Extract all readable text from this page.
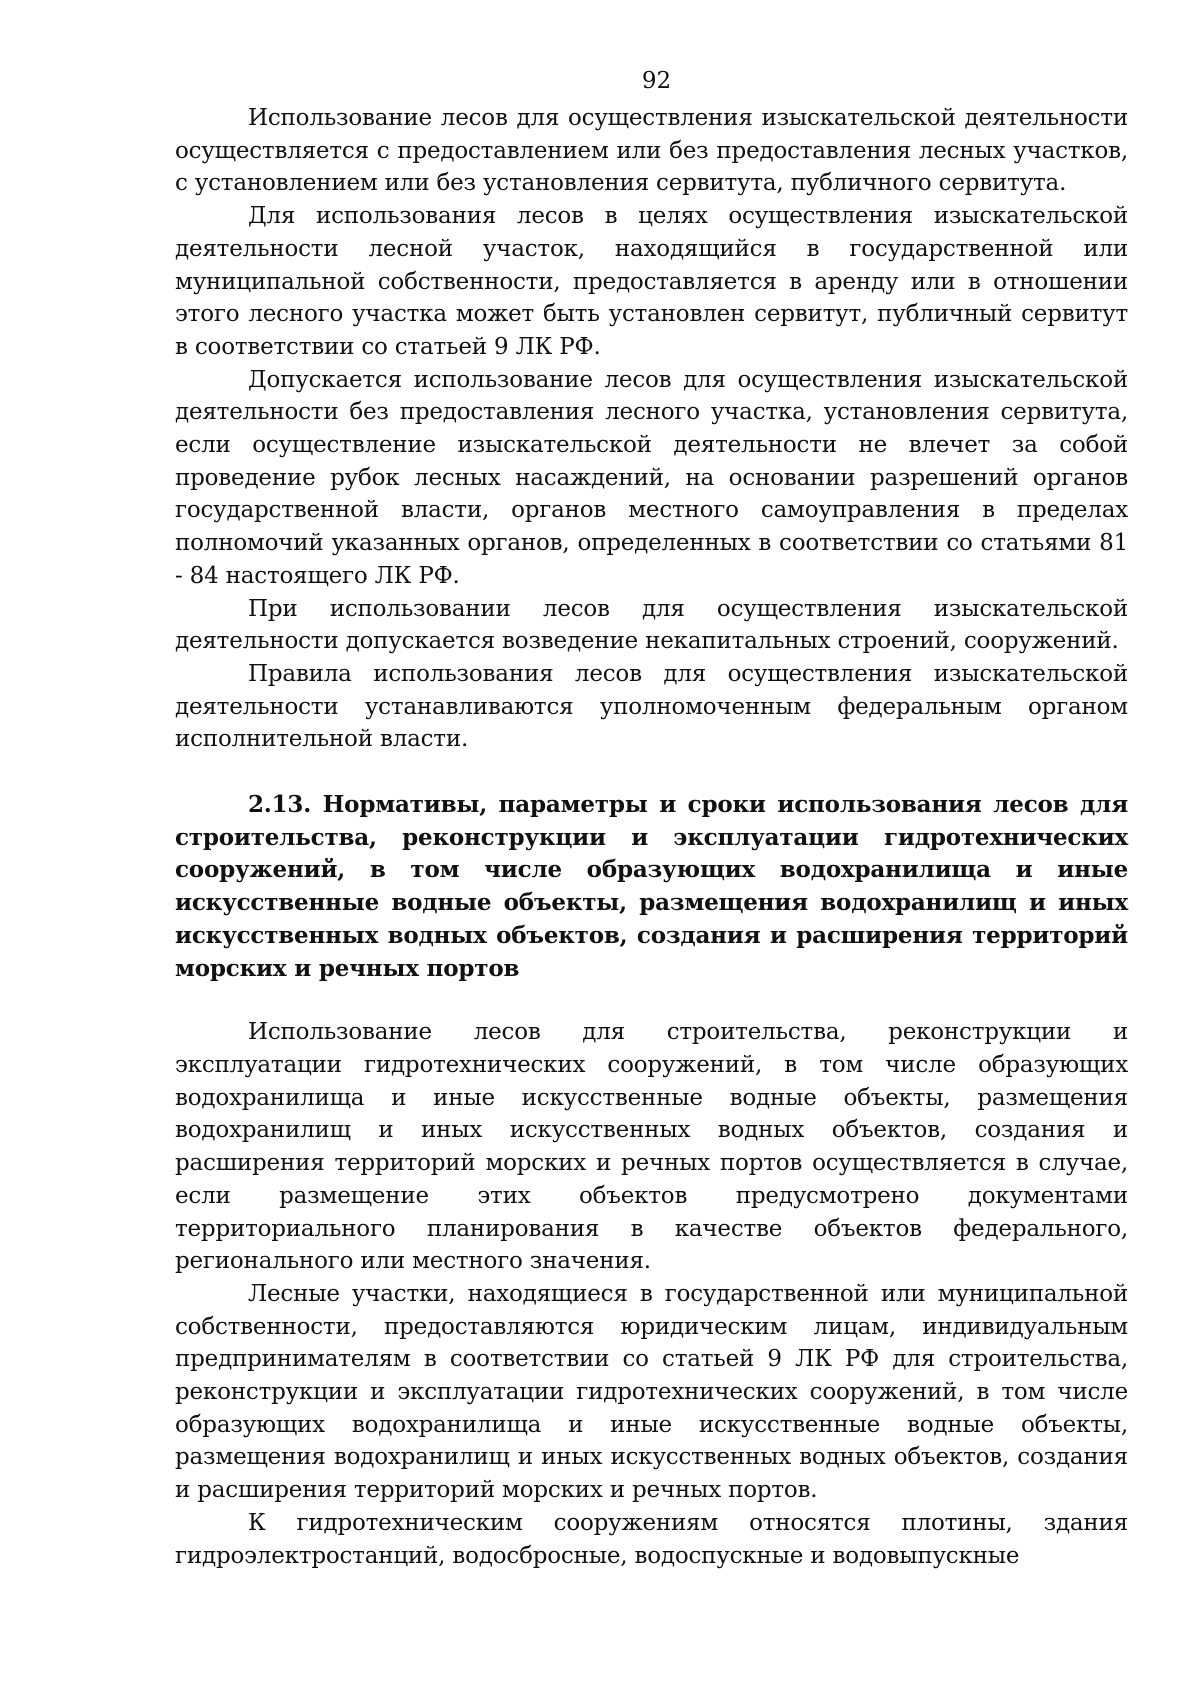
92

Использование лесов для осуществления изыскательской деятельности осуществляется с предоставлением или без предоставления лесных участков, с установлением или без установления сервитута, публичного сервитута.

Для использования лесов в целях осуществления изыскательской деятельности лесной участок, находящийся в государственной или муниципальной собственности, предоставляется в аренду или в отношении этого лесного участка может быть установлен сервитут, публичный сервитут в соответствии со статьей 9 ЛК РФ.

Допускается использование лесов для осуществления изыскательской деятельности без предоставления лесного участка, установления сервитута, если осуществление изыскательской деятельности не влечет за собой проведение рубок лесных насаждений, на основании разрешений органов государственной власти, органов местного самоуправления в пределах полномочий указанных органов, определенных в соответствии со статьями 81 - 84 настоящего ЛК РФ.

При использовании лесов для осуществления изыскательской деятельности допускается возведение некапитальных строений, сооружений.

Правила использования лесов для осуществления изыскательской деятельности устанавливаются уполномоченным федеральным органом исполнительной власти.

2.13. Нормативы, параметры и сроки использования лесов для строительства, реконструкции и эксплуатации гидротехнических сооружений, в том числе образующих водохранилища и иные искусственные водные объекты, размещения водохранилищ и иных искусственных водных объектов, создания и расширения территорий морских и речных портов

Использование лесов для строительства, реконструкции и эксплуатации гидротехнических сооружений, в том числе образующих водохранилища и иные искусственные водные объекты, размещения водохранилищ и иных искусственных водных объектов, создания и расширения территорий морских и речных портов осуществляется в случае, если размещение этих объектов предусмотрено документами территориального планирования в качестве объектов федерального, регионального или местного значения.

Лесные участки, находящиеся в государственной или муниципальной собственности, предоставляются юридическим лицам, индивидуальным предпринимателям в соответствии со статьей 9 ЛК РФ для строительства, реконструкции и эксплуатации гидротехнических сооружений, в том числе образующих водохранилища и иные искусственные водные объекты, размещения водохранилищ и иных искусственных водных объектов, создания и расширения территорий морских и речных портов.

К гидротехническим сооружениям относятся плотины, здания гидроэлектростанций, водосбросные, водоспускные и водовыпускные
